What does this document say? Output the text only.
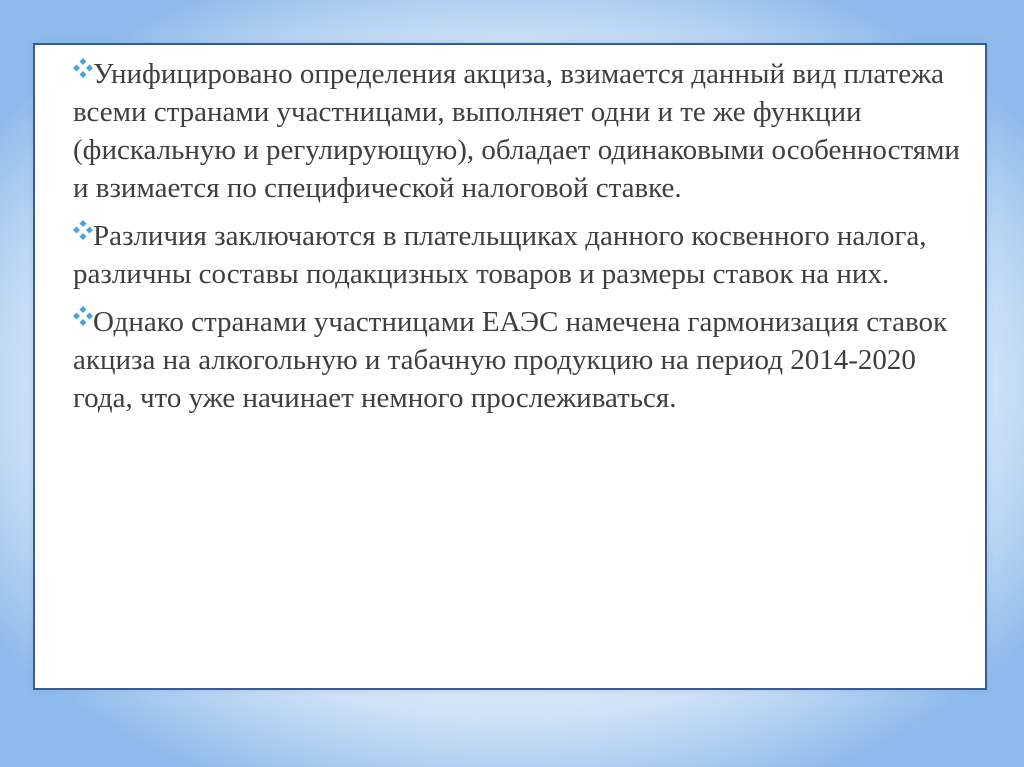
Унифицировано определения акциза, взимается данный вид платежа всеми странами участницами, выполняет одни и те же функции (фискальную и регулирующую), обладает одинаковыми особенностями и взимается по специфической налоговой ставке.
Различия заключаются в плательщиках данного косвенного налога, различны составы подакцизных товаров и размеры ставок на них.
Однако странами участницами ЕАЭС намечена гармонизация ставок акциза на алкогольную и табачную продукцию на период 2014-2020 года, что уже начинает немного прослеживаться.
